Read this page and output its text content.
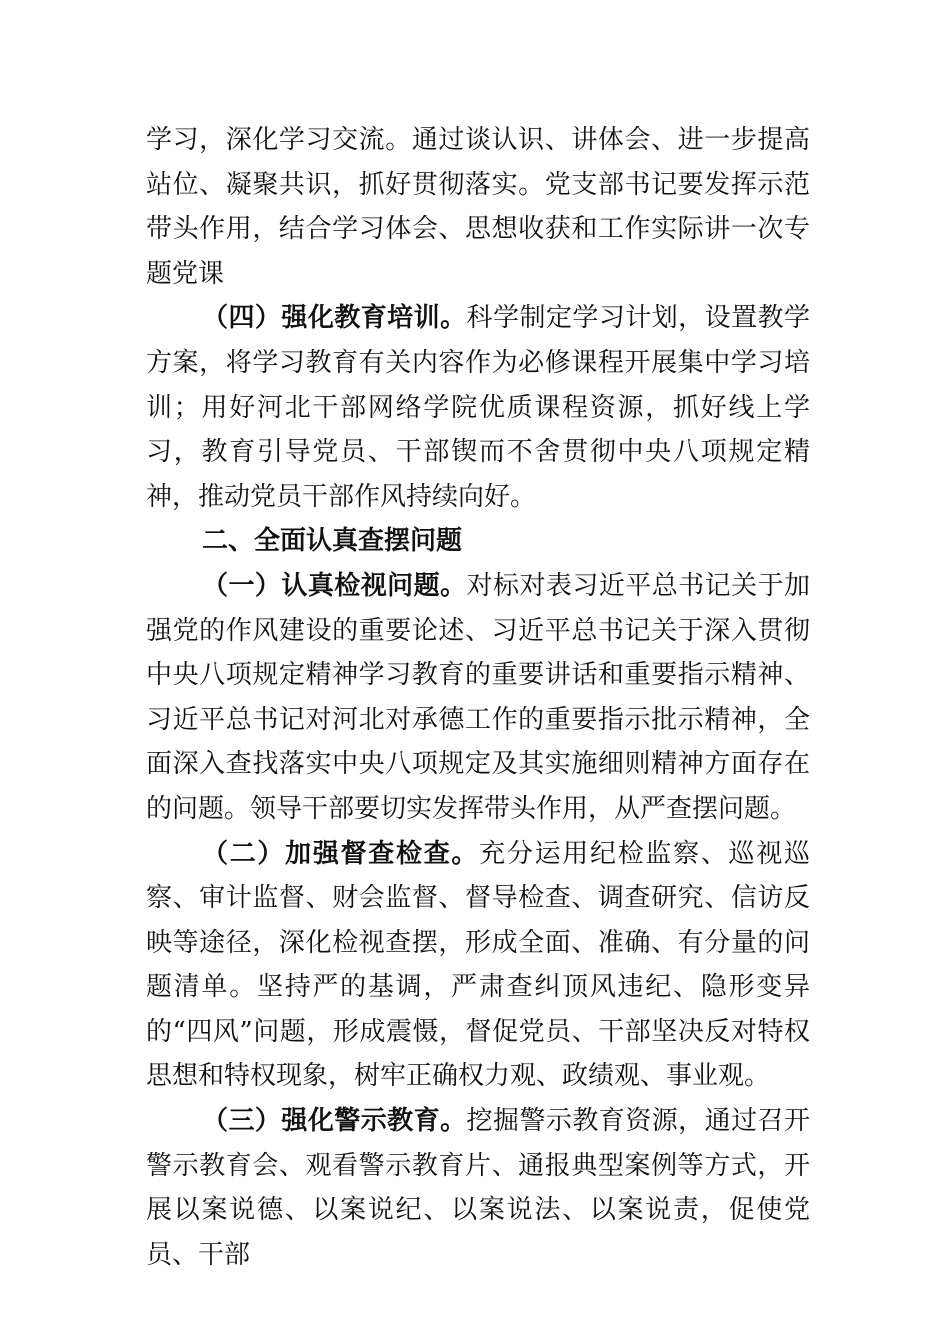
学习，深化学习交流。通过谈认识、讲体会、进一步提高站位、凝聚共识，抓好贯彻落实。党支部书记要发挥示范带头作用，结合学习体会、思想收获和工作实际讲一次专题党课

（四）强化教育培训。科学制定学习计划，设置教学方案，将学习教育有关内容作为必修课程开展集中学习培训；用好河北干部网络学院优质课程资源，抓好线上学习，教育引导党员、干部锲而不舍贯彻中央八项规定精神，推动党员干部作风持续向好。

二、全面认真查摆问题

（一）认真检视问题。对标对表习近平总书记关于加强党的作风建设的重要论述、习近平总书记关于深入贯彻中央八项规定精神学习教育的重要讲话和重要指示精神、习近平总书记对河北对承德工作的重要指示批示精神，全面深入查找落实中央八项规定及其实施细则精神方面存在的问题。领导干部要切实发挥带头作用，从严查摆问题。

（二）加强督查检查。充分运用纪检监察、巡视巡察、审计监督、财会监督、督导检查、调查研究、信访反映等途径，深化检视查摆，形成全面、准确、有分量的问题清单。坚持严的基调，严肃查纠顶风违纪、隐形变异的“四风”问题，形成震慑，督促党员、干部坚决反对特权思想和特权现象，树牢正确权力观、政绩观、事业观。

（三）强化警示教育。挖掘警示教育资源，通过召开警示教育会、观看警示教育片、通报典型案例等方式，开展以案说德、以案说纪、以案说法、以案说责，促使党员、干部
